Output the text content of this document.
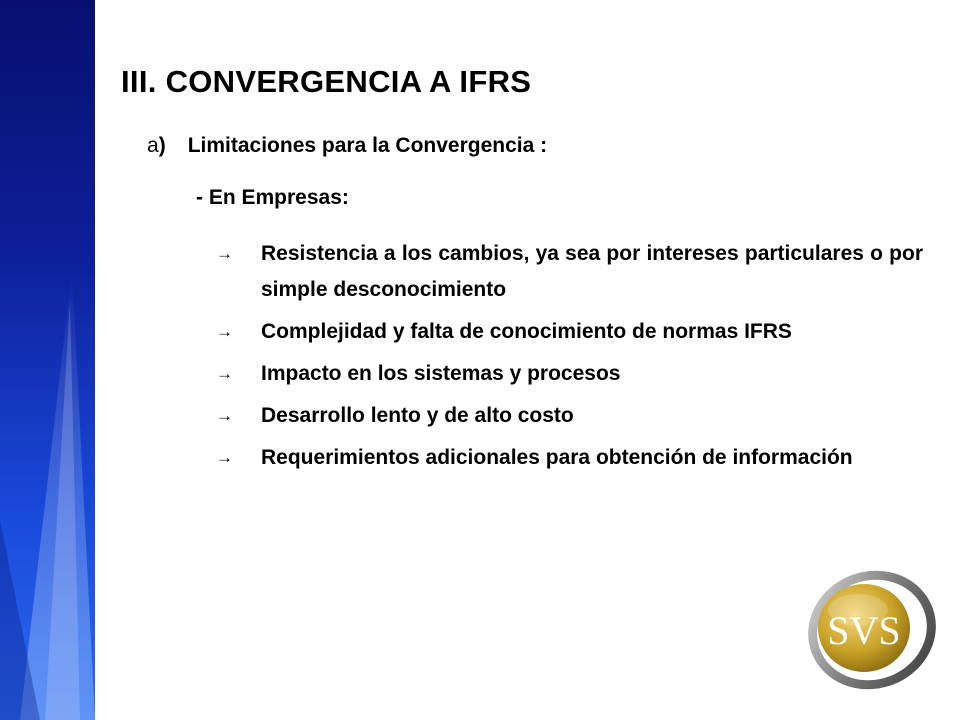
III. CONVERGENCIA A IFRS
a) Limitaciones para la Convergencia :
- En Empresas:
→ Resistencia a los cambios, ya sea por intereses particulares o por simple desconocimiento
→ Complejidad y falta de conocimiento de normas IFRS
→ Impacto en los sistemas y procesos
→ Desarrollo lento y de alto costo
→ Requerimientos adicionales para obtención de información
SVS
